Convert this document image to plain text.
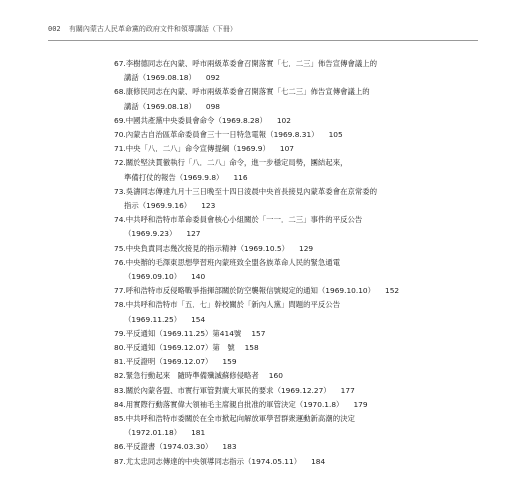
002 有關內蒙古人民革命黨的政府文件和領導講話（下冊）
67.李樹德同志在內蒙、呼市兩級革委會召開落實「七．二三」佈告宣傳會議上的
講話（1969.08.18） 092
68.康修民同志在內蒙、呼市兩級革委會召開落實「七二三」佈告宣傳會議上的
講話（1969.08.18） 098
69.中國共產黨中央委員會命令（1969.8.28） 102
70.內蒙古自治區革命委員會三十一日特急電報（1969.8.31） 105
71.中央「八．二八」命令宣傳提綱（1969.9） 107
72.關於堅決貫徹執行「八．二八」命令，進一步穩定局勢，團結起來，
準備打仗的報告（1969.9.8） 116
73.吳濤同志傳達九月十三日晚至十四日淩晨中央首長接見內蒙革委會在京常委的
指示（1969.9.16） 123
74.中共呼和浩特市革命委員會核心小組關於「一一．二三」事件的平反公告
（1969.9.23） 127
75.中央負責同志幾次接見的指示精神（1969.10.5） 129
76.中央辦的毛澤東思想學習班內蒙班致全盟各族革命人民的緊急通電
（1969.09.10） 140
77.呼和浩特市反侵略戰爭指揮部關於防空襲報信號規定的通知（1969.10.10） 152
78.中共呼和浩特市「五．七」幹校關於「新內人黨」問題的平反公告
（1969.11.25） 154
79.平反通知（1969.11.25）第414號 157
80.平反通知（1969.12.07）第　號 158
81.平反證明（1969.12.07） 159
82.緊急行動起來　隨時準備殲滅蘇修侵略者 160
83.關於內蒙各盟、市實行軍管對廣大軍民的要求（1969.12.27） 177
84.用實際行動落實偉大領袖毛主席親自批准的軍管決定（1970.1.8） 179
85.中共呼和浩特市委關於在全市掀起向解放軍學習群衆運動新高潮的決定
（1972.01.18） 181
86.平反證書（1974.03.30） 183
87.尤太忠同志傳達的中央領導同志指示（1974.05.11） 184
